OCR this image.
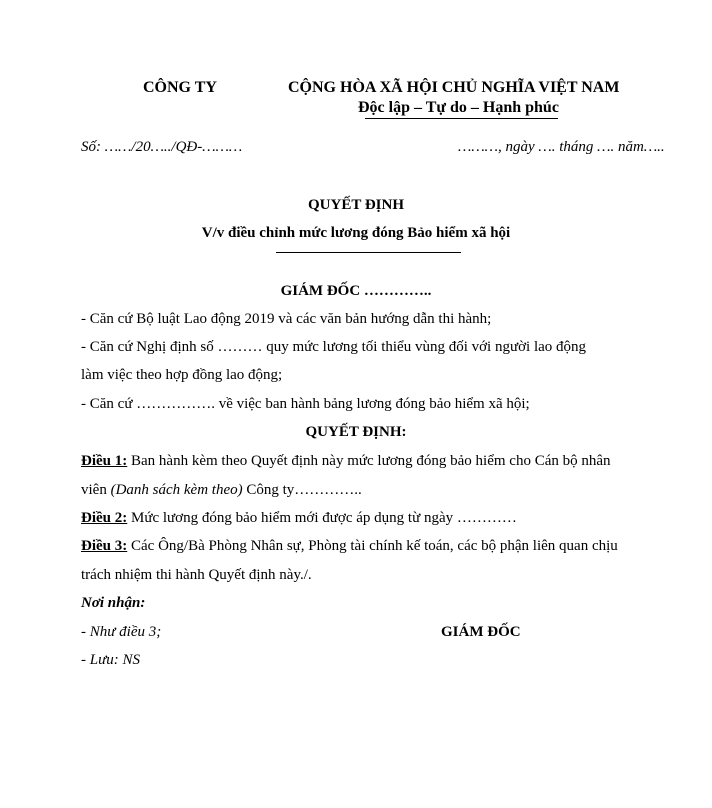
CÔNG TY	CỘNG HÒA XÃ HỘI CHỦ NGHĨA VIỆT NAM
Độc lập – Tự do – Hạnh phúc
Số: ……/20…../QĐ-………	………, ngày …. tháng …. năm…..
QUYẾT ĐỊNH
V/v điều chỉnh mức lương đóng Bảo hiểm xã hội
GIÁM ĐỐC …………..
- Căn cứ Bộ luật Lao động 2019 và các văn bản hướng dẫn thi hành;
- Căn cứ Nghị định số ……… quy mức lương tối thiểu vùng đối với người lao động
làm việc theo hợp đồng lao động;
- Căn cứ ……………. về việc ban hành bảng lương đóng bảo hiểm xã hội;
QUYẾT ĐỊNH:
Điều 1: Ban hành kèm theo Quyết định này mức lương đóng bảo hiểm cho Cán bộ nhân
viên (Danh sách kèm theo) Công ty…………..
Điều 2: Mức lương đóng bảo hiểm mới được áp dụng từ ngày …………
Điều 3: Các Ông/Bà Phòng Nhân sự, Phòng tài chính kế toán, các bộ phận liên quan chịu
trách nhiệm thi hành Quyết định này./.
Nơi nhận:
- Như điều 3;
- Lưu: NS
GIÁM ĐỐC
